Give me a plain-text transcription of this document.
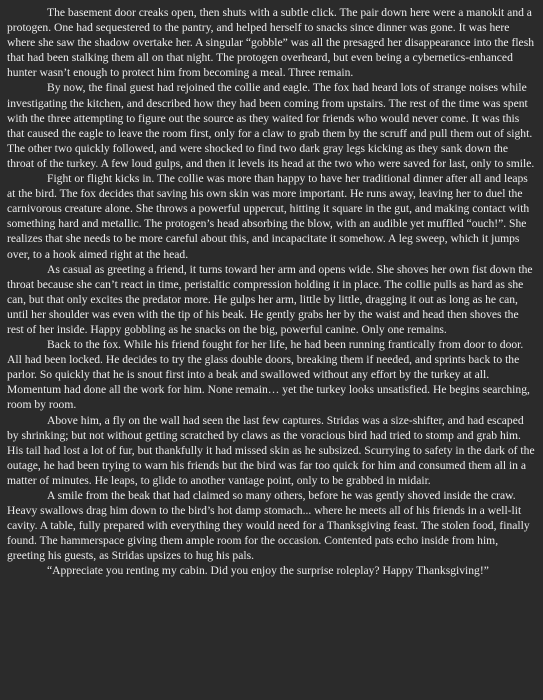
The basement door creaks open, then shuts with a subtle click. The pair down here were a manokit and a protogen. One had sequestered to the pantry, and helped herself to snacks since dinner was gone. It was here where she saw the shadow overtake her. A singular “gobble” was all the presaged her disappearance into the flesh that had been stalking them all on that night. The protogen overheard, but even being a cybernetics-enhanced hunter wasn’t enough to protect him from becoming a meal. Three remain.

By now, the final guest had rejoined the collie and eagle. The fox had heard lots of strange noises while investigating the kitchen, and described how they had been coming from upstairs. The rest of the time was spent with the three attempting to figure out the source as they waited for friends who would never come. It was this that caused the eagle to leave the room first, only for a claw to grab them by the scruff and pull them out of sight. The other two quickly followed, and were shocked to find two dark gray legs kicking as they sank down the throat of the turkey. A few loud gulps, and then it levels its head at the two who were saved for last, only to smile.

Fight or flight kicks in. The collie was more than happy to have her traditional dinner after all and leaps at the bird. The fox decides that saving his own skin was more important. He runs away, leaving her to duel the carnivorous creature alone. She throws a powerful uppercut, hitting it square in the gut, and making contact with something hard and metallic. The protogen’s head absorbing the blow, with an audible yet muffled “ouch!”. She realizes that she needs to be more careful about this, and incapacitate it somehow. A leg sweep, which it jumps over, to a hook aimed right at the head.

As casual as greeting a friend, it turns toward her arm and opens wide. She shoves her own fist down the throat because she can’t react in time, peristaltic compression holding it in place. The collie pulls as hard as she can, but that only excites the predator more. He gulps her arm, little by little, dragging it out as long as he can, until her shoulder was even with the tip of his beak. He gently grabs her by the waist and head then shoves the rest of her inside. Happy gobbling as he snacks on the big, powerful canine. Only one remains.

Back to the fox. While his friend fought for her life, he had been running frantically from door to door. All had been locked. He decides to try the glass double doors, breaking them if needed, and sprints back to the parlor. So quickly that he is snout first into a beak and swallowed without any effort by the turkey at all. Momentum had done all the work for him. None remain… yet the turkey looks unsatisfied. He begins searching, room by room.

Above him, a fly on the wall had seen the last few captures. Stridas was a size-shifter, and had escaped by shrinking; but not without getting scratched by claws as the voracious bird had tried to stomp and grab him. His tail had lost a lot of fur, but thankfully it had missed skin as he subsized. Scurrying to safety in the dark of the outage, he had been trying to warn his friends but the bird was far too quick for him and consumed them all in a matter of minutes. He leaps, to glide to another vantage point, only to be grabbed in midair.

A smile from the beak that had claimed so many others, before he was gently shoved inside the craw. Heavy swallows drag him down to the bird’s hot damp stomach... where he meets all of his friends in a well-lit cavity. A table, fully prepared with everything they would need for a Thanksgiving feast. The stolen food, finally found. The hammerspace giving them ample room for the occasion. Contented pats echo inside from him, greeting his guests, as Stridas upsizes to hug his pals.

“Appreciate you renting my cabin. Did you enjoy the surprise roleplay? Happy Thanksgiving!”
